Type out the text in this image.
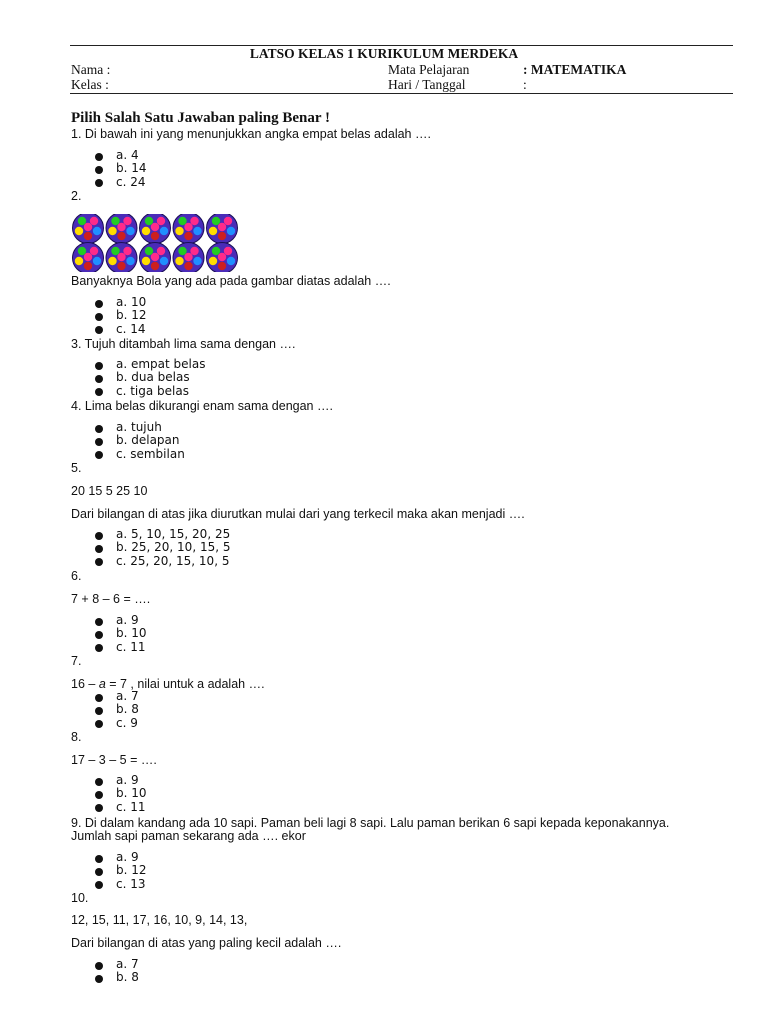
LATSO KELAS 1 KURIKULUM MERDEKA
Nama :
Kelas :
Mata Pelajaran	: MATEMATIKA
Hari / Tanggal	:
Pilih Salah Satu Jawaban paling Benar !
1. Di bawah ini yang menunjukkan angka empat belas adalah ….
a. 4
b. 14
c. 24
2.
Banyaknya Bola yang ada pada gambar diatas adalah ….
a. 10
b. 12
c. 14
3. Tujuh ditambah lima sama dengan ….
a. empat belas
b. dua belas
c. tiga belas
4. Lima belas dikurangi enam sama dengan ….
a. tujuh
b. delapan
c. sembilan
5.
20 15 5 25 10
Dari bilangan di atas jika diurutkan mulai dari yang terkecil maka akan menjadi ….
a. 5, 10, 15, 20, 25
b. 25, 20, 10, 15, 5
c. 25, 20, 15, 10, 5
6.
7 + 8 – 6 = ….
a. 9
b. 10
c. 11
7.
16 – a = 7 , nilai untuk a adalah ….
a. 7
b. 8
c. 9
8.
17 – 3 – 5 = ….
a. 9
b. 10
c. 11
9. Di dalam kandang ada 10 sapi. Paman beli lagi 8 sapi. Lalu paman berikan 6 sapi kepada keponakannya.
Jumlah sapi paman sekarang ada …. ekor
a. 9
b. 12
c. 13
10.
12, 15, 11, 17, 16, 10, 9, 14, 13,
Dari bilangan di atas yang paling kecil adalah ….
a. 7
b. 8
